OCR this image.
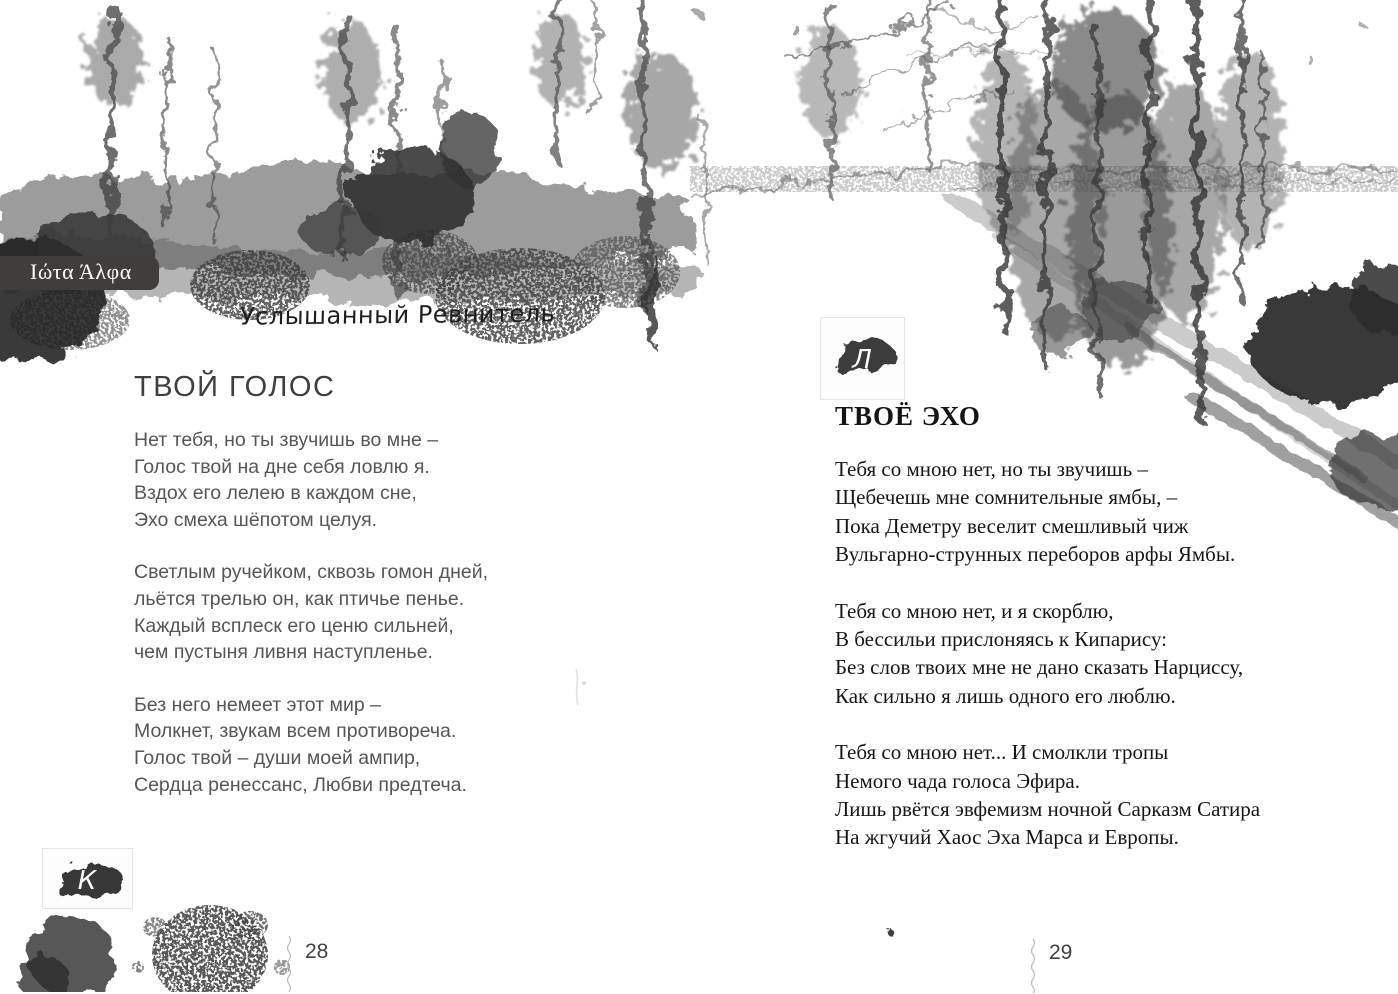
Ιώτα Άλφα
Услышанный Ревнитель
ТВОЙ ГОЛОС
Нет тебя, но ты звучишь во мне –
Голос твой на дне себя ловлю я.
Вздох его лелею в каждом сне,
Эхо смеха шёпотом целуя.
Светлым ручейком, сквозь гомон дней,
льётся трелью он, как птичье пенье.
Каждый всплеск его ценю сильней,
чем пустыня ливня наступленье.
Без него немеет этот мир –
Молкнет, звукам всем противореча.
Голос твой – души моей ампир,
Сердца ренессанс, Любви предтеча.
К
Л
ТВОЁ ЭХО
Тебя со мною нет, но ты звучишь –
Щебечешь мне сомнительные ямбы, –
Пока Деметру веселит смешливый чиж
Вульгарно-струнных переборов арфы Ямбы.
Тебя со мною нет, и я скорблю,
В бессильи прислоняясь к Кипарису:
Без слов твоих мне не дано сказать Нарциссу,
Как сильно я лишь одного его люблю.
Тебя со мною нет... И смолкли тропы
Немого чада голоса Эфира.
Лишь рвётся эвфемизм ночной Сарказм Сатира
На жгучий Хаос Эха Марса и Европы.
28	29
